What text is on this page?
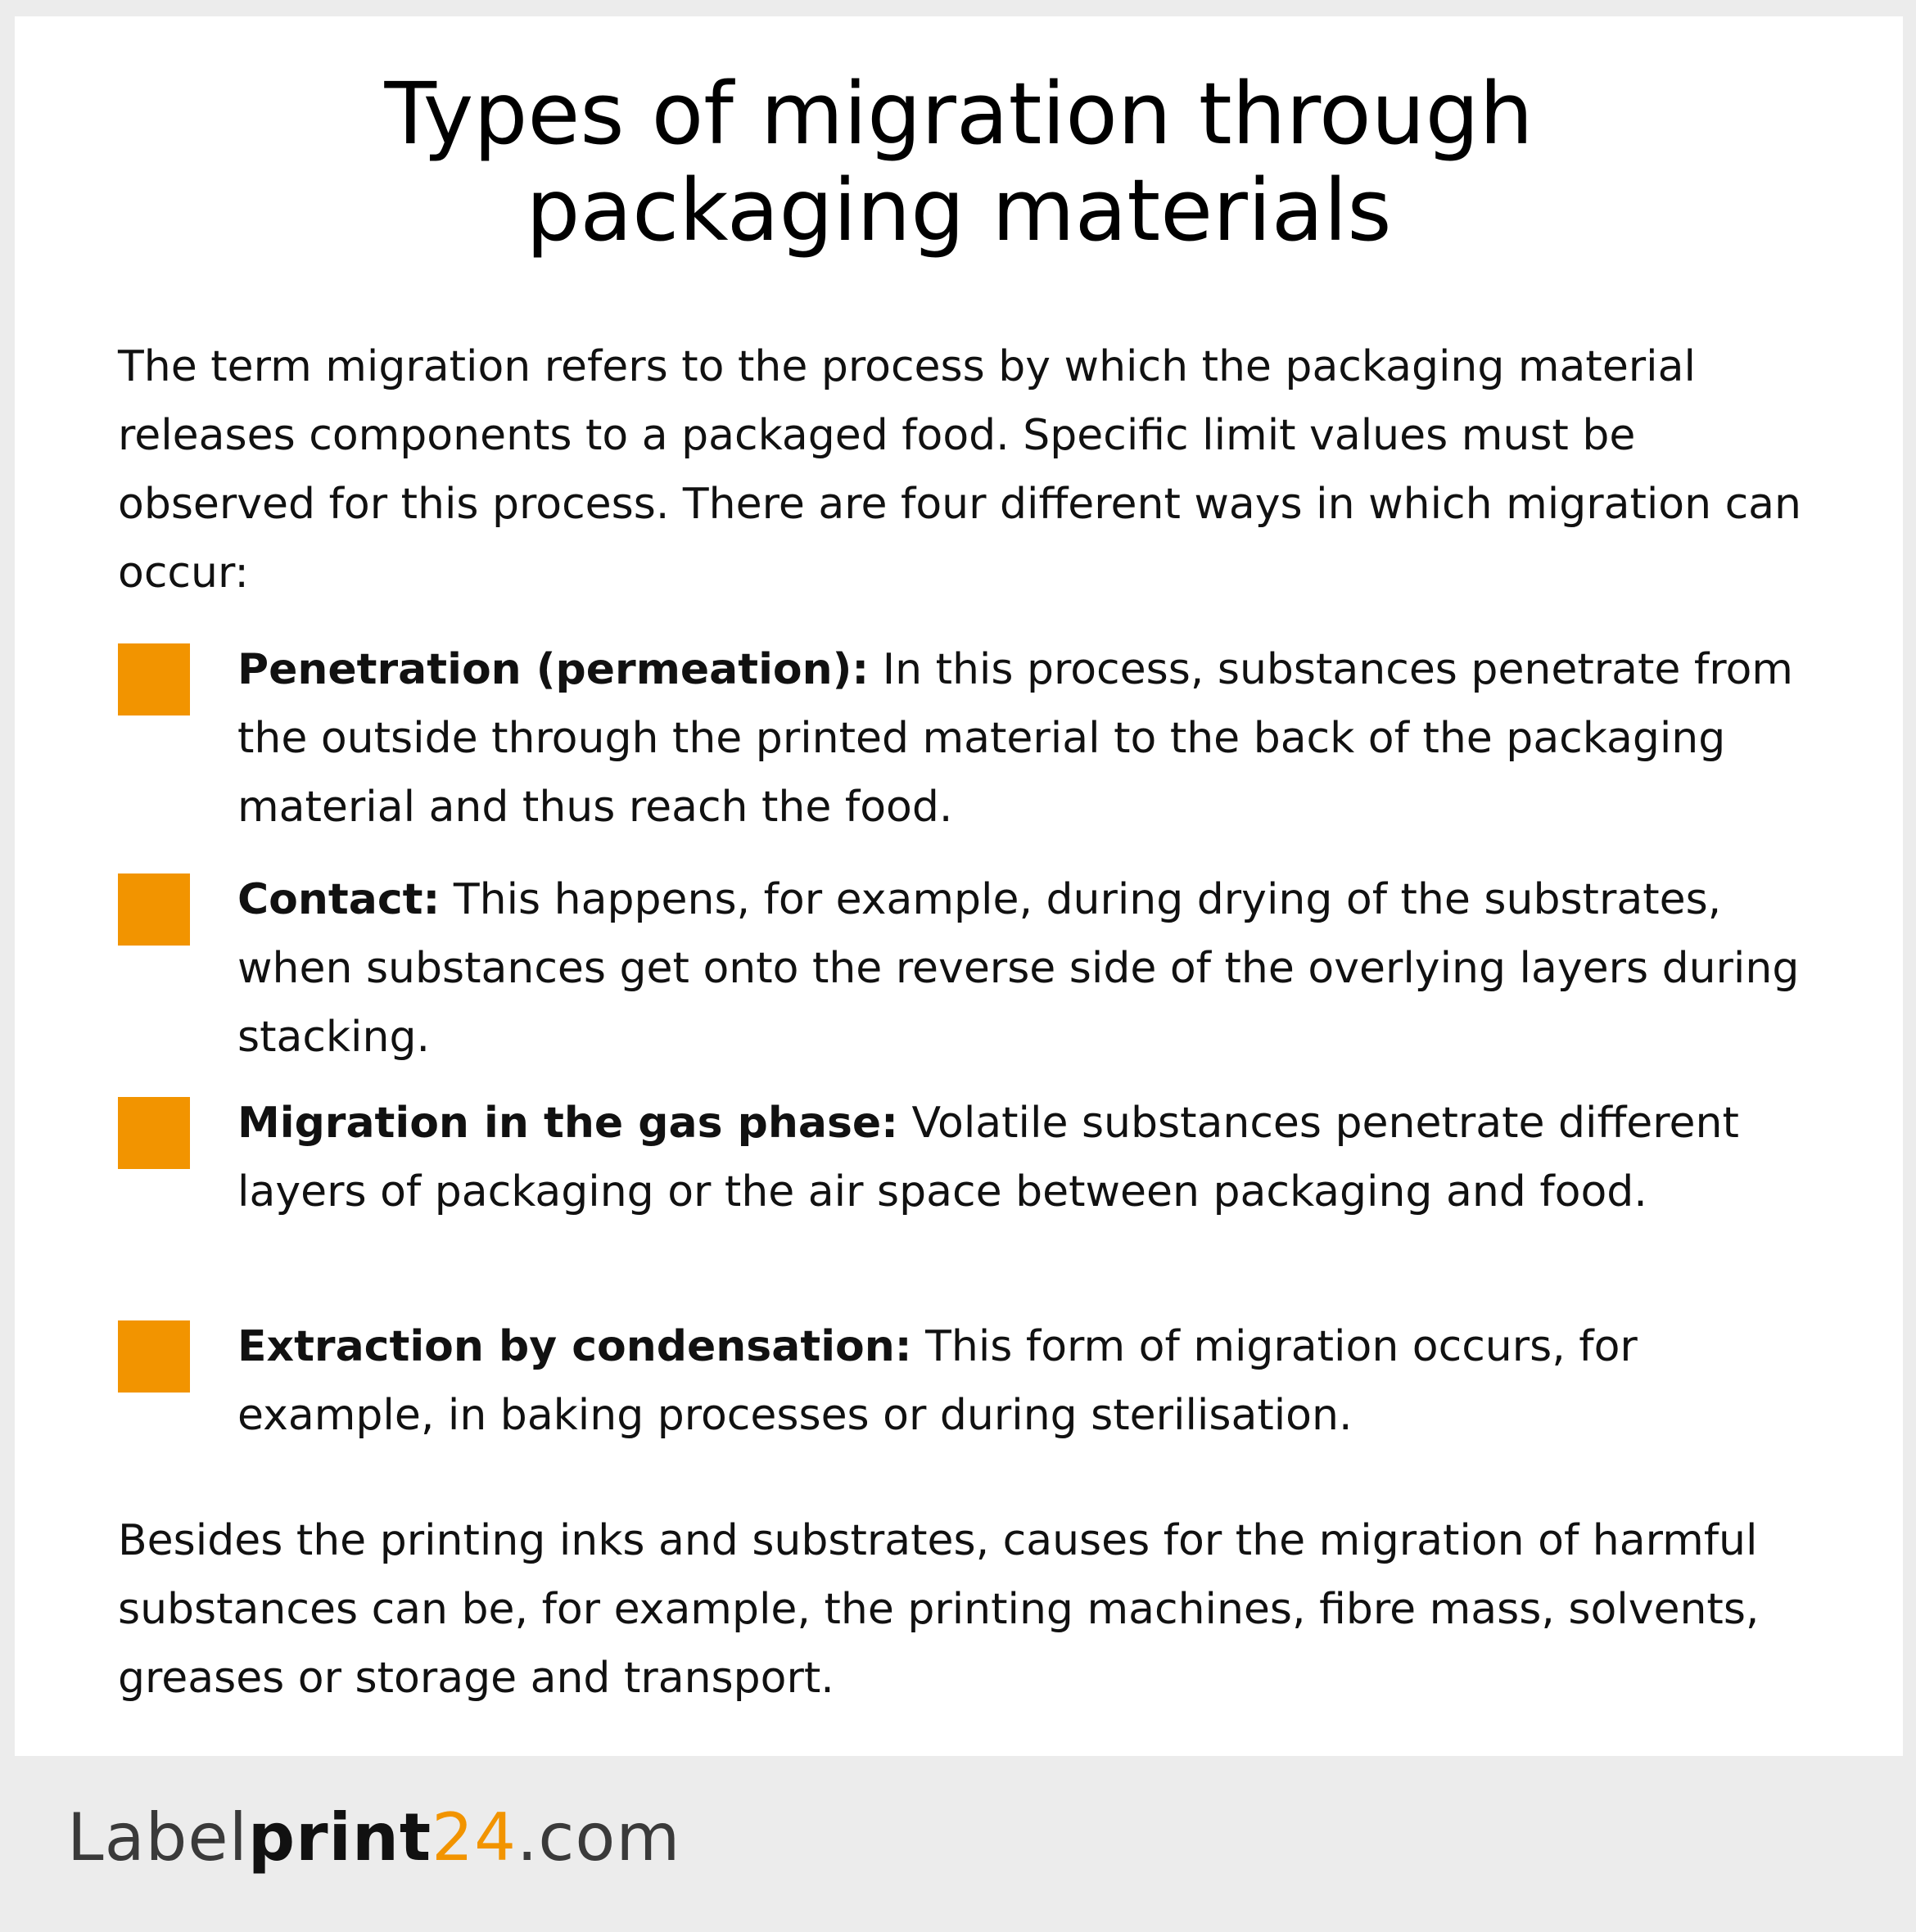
Types of migration through
packaging materials

The term migration refers to the process by which the packaging material releases components to a packaged food. Specific limit values must be observed for this process. There are four different ways in which migration can occur:

Penetration (permeation): In this process, substances penetrate from the outside through the printed material to the back of the packaging material and thus reach the food.

Contact: This happens, for example, during drying of the substrates, when substances get onto the reverse side of the overlying layers during stacking.

Migration in the gas phase: Volatile substances penetrate different layers of packaging or the air space between packaging and food.

Extraction by condensation: This form of migration occurs, for example, in baking processes or during sterilisation.

Besides the printing inks and substrates, causes for the migration of harmful substances can be, for example, the printing machines, fibre mass, solvents, greases or storage and transport.

Labelprint24.com
